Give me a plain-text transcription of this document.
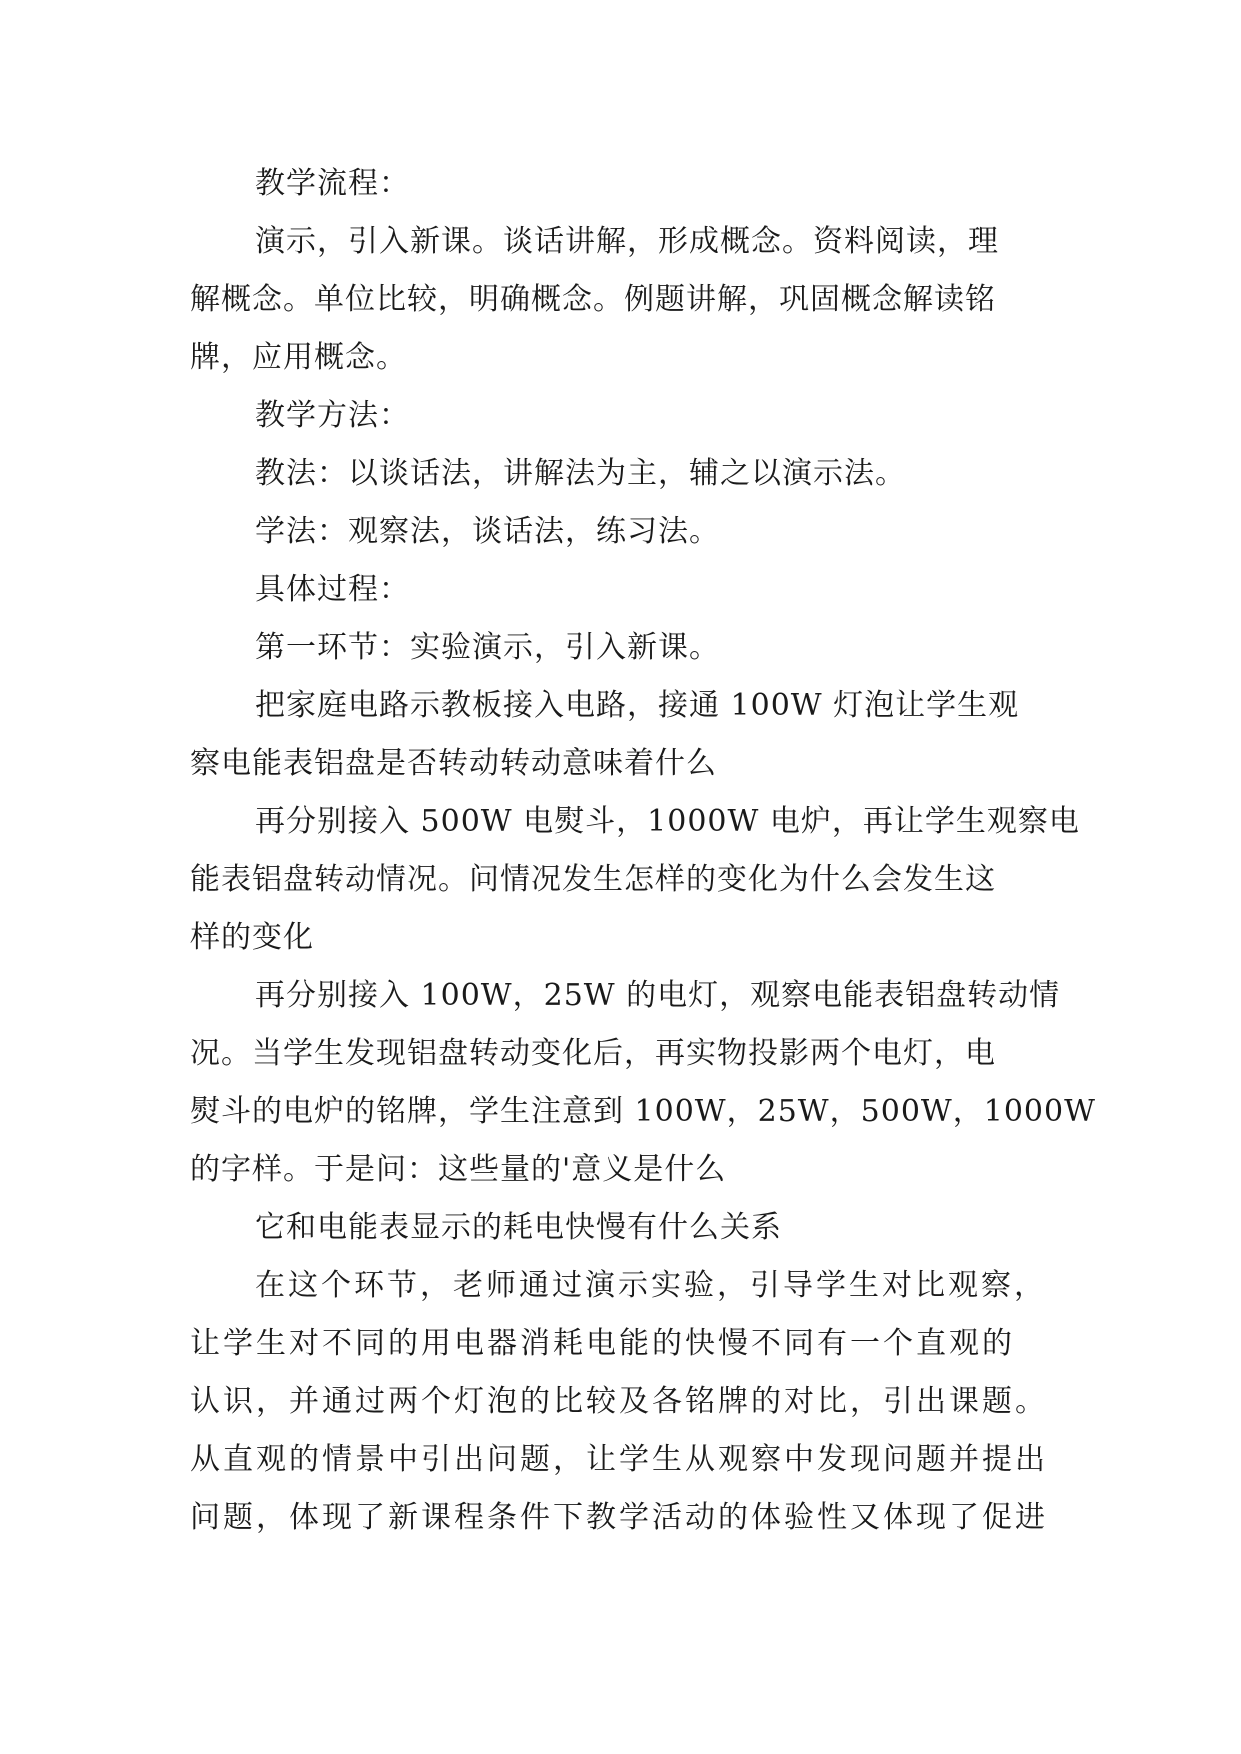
教学流程：
演示，引入新课。谈话讲解，形成概念。资料阅读，理
解概念。单位比较，明确概念。例题讲解，巩固概念解读铭
牌，应用概念。
教学方法：
教法：以谈话法，讲解法为主，辅之以演示法。
学法：观察法，谈话法，练习法。
具体过程：
第一环节：实验演示，引入新课。
把家庭电路示教板接入电路，接通 100W 灯泡让学生观
察电能表铝盘是否转动转动意味着什么
再分别接入 500W 电熨斗，1000W 电炉，再让学生观察电
能表铝盘转动情况。问情况发生怎样的变化为什么会发生这
样的变化
再分别接入 100W，25W 的电灯，观察电能表铝盘转动情
况。当学生发现铝盘转动变化后，再实物投影两个电灯，电
熨斗的电炉的铭牌，学生注意到 100W，25W，500W，1000W
的字样。于是问：这些量的'意义是什么
它和电能表显示的耗电快慢有什么关系
在这个环节，老师通过演示实验，引导学生对比观察，
让学生对不同的用电器消耗电能的快慢不同有一个直观的
认识，并通过两个灯泡的比较及各铭牌的对比，引出课题。
从直观的情景中引出问题，让学生从观察中发现问题并提出
问题，体现了新课程条件下教学活动的体验性又体现了促进
